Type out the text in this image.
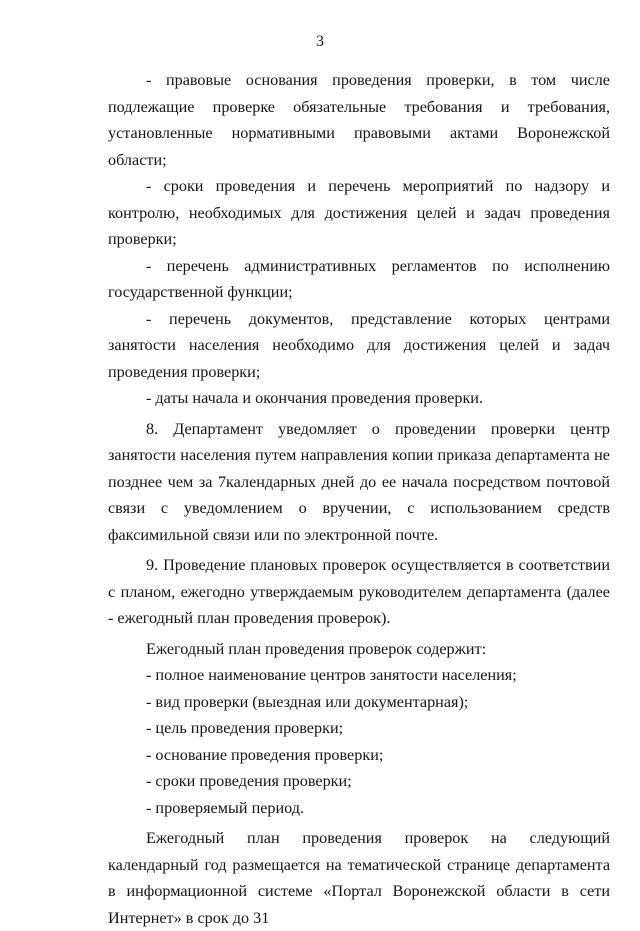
3

- правовые основания проведения проверки, в том числе подлежащие проверке обязательные требования и требования, установленные нормативными правовыми актами Воронежской области;

- сроки проведения и перечень мероприятий по надзору и контролю, необходимых для достижения целей и задач проведения проверки;

- перечень административных регламентов по исполнению государственной функции;

- перечень документов, представление которых центрами занятости населения необходимо для достижения целей и задач проведения проверки;

- даты начала и окончания проведения проверки.

8. Департамент уведомляет о проведении проверки центр занятости населения путем направления копии приказа департамента не позднее чем за 7календарных дней до ее начала посредством почтовой связи с уведомлением о вручении, с использованием средств факсимильной связи или по электронной почте.

9. Проведение плановых проверок осуществляется в соответствии с планом, ежегодно утверждаемым руководителем департамента (далее - ежегодный план проведения проверок).

Ежегодный план проведения проверок содержит:

- полное наименование центров занятости населения;

- вид проверки (выездная или документарная);

- цель проведения проверки;

- основание проведения проверки;

- сроки проведения проверки;

- проверяемый период.

Ежегодный план проведения проверок на следующий календарный год размещается на тематической странице департамента в информационной системе «Портал Воронежской области в сети Интернет» в срок до 31
